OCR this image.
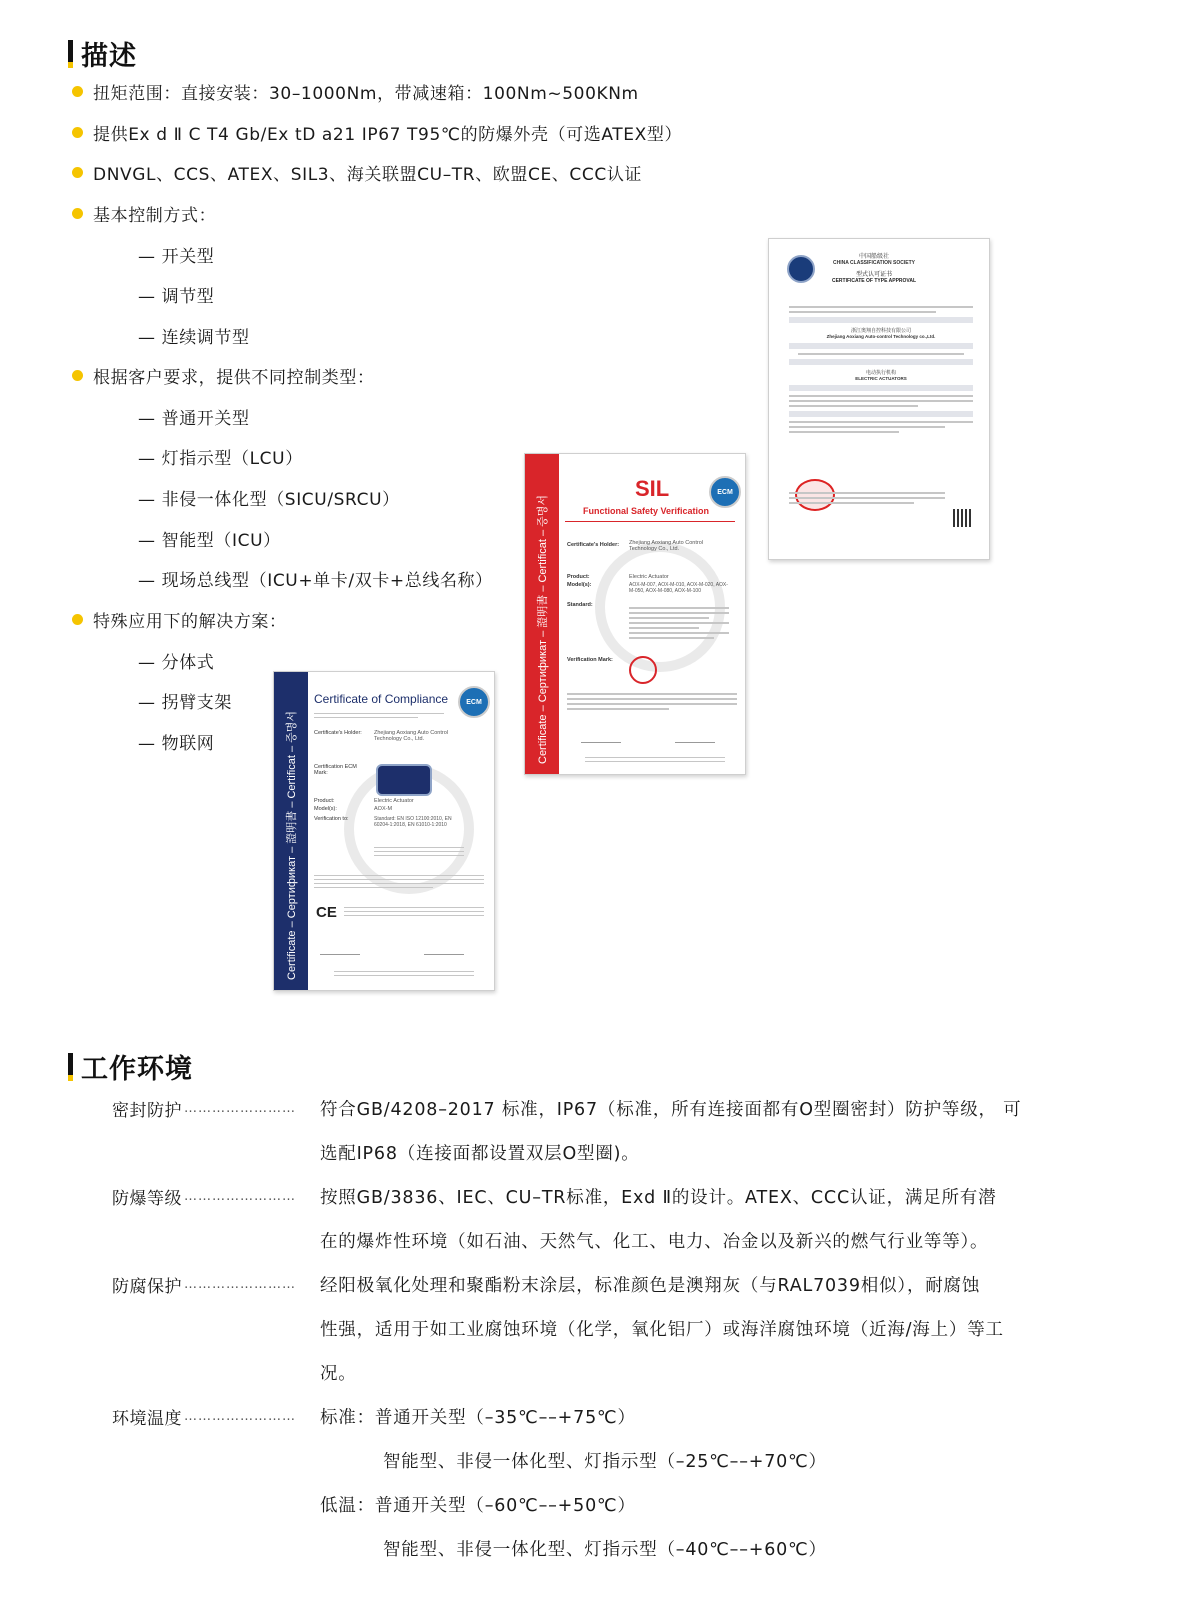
描述
扭矩范围：直接安装：30–1000Nm，带减速箱：100Nm~500KNm
提供Ex d Ⅱ C T4 Gb/Ex tD a21 IP67 T95℃的防爆外壳（可选ATEX型）
DNVGL、CCS、ATEX、SIL3、海关联盟CU–TR、欧盟CE、CCC认证
基本控制方式：
— 开关型
— 调节型
— 连续调节型
根据客户要求，提供不同控制类型：
— 普通开关型
— 灯指示型（LCU）
— 非侵一体化型（SICU/SRCU）
— 智能型（ICU）
— 现场总线型（ICU+单卡/双卡+总线名称）
特殊应用下的解决方案：
— 分体式
— 拐臂支架
— 物联网
中国船级社
CHINA CLASSIFICATION SOCIETY
型式认可证书
CERTIFICATE OF TYPE APPROVAL
浙江奥翔自控科技有限公司
Zhejiang Aoxiang Auto-control Technology co.,Ltd.
电动执行机构
ELECTRIC ACTUATORS
Certificate – Сертификат – 證明書 – Certificat – 증명서
SIL
Functional Safety Verification
ECM
Certificate's Holder: Zhejiang Aoxiang Auto Control Technology Co., Ltd.
Product:	Electric Actuator
Model(s):	AOX-M-007, AOX-M-010, AOX-M-020, AOX-M-050, AOX-M-080, AOX-M-100
Standard:
Verification Mark:
Certificate – Сертификат – 證明書 – Certificat – 증명서
Certificate of Compliance	ECM
Certificate's Holder:	Zhejiang Aoxiang Auto Control Technology Co., Ltd.
Certification ECM Mark:
Product:	Electric Actuator
Model(s):	AOX-M
Verification to:	Standard: EN ISO 12100:2010, EN 60204-1:2018, EN 61010-1:2010
CE
工作环境
密封防护 …………………… 符合GB/4208–2017 标准，IP67（标准，所有连接面都有O型圈密封）防护等级， 可
选配IP68（连接面都设置双层O型圈)。
防爆等级 …………………… 按照GB/3836、IEC、CU–TR标准，Exd Ⅱ的设计。ATEX、CCC认证，满足所有潜
在的爆炸性环境（如石油、天然气、化工、电力、冶金以及新兴的燃气行业等等）。
防腐保护 …………………… 经阳极氧化处理和聚酯粉末涂层，标准颜色是澳翔灰（与RAL7039相似），耐腐蚀
性强，适用于如工业腐蚀环境（化学，氧化铝厂）或海洋腐蚀环境（近海/海上）等工
况。
环境温度 …………………… 标准：普通开关型（–35℃––+75℃）
智能型、非侵一体化型、灯指示型（–25℃––+70℃）
低温：普通开关型（–60℃––+50℃）
智能型、非侵一体化型、灯指示型（–40℃––+60℃）
